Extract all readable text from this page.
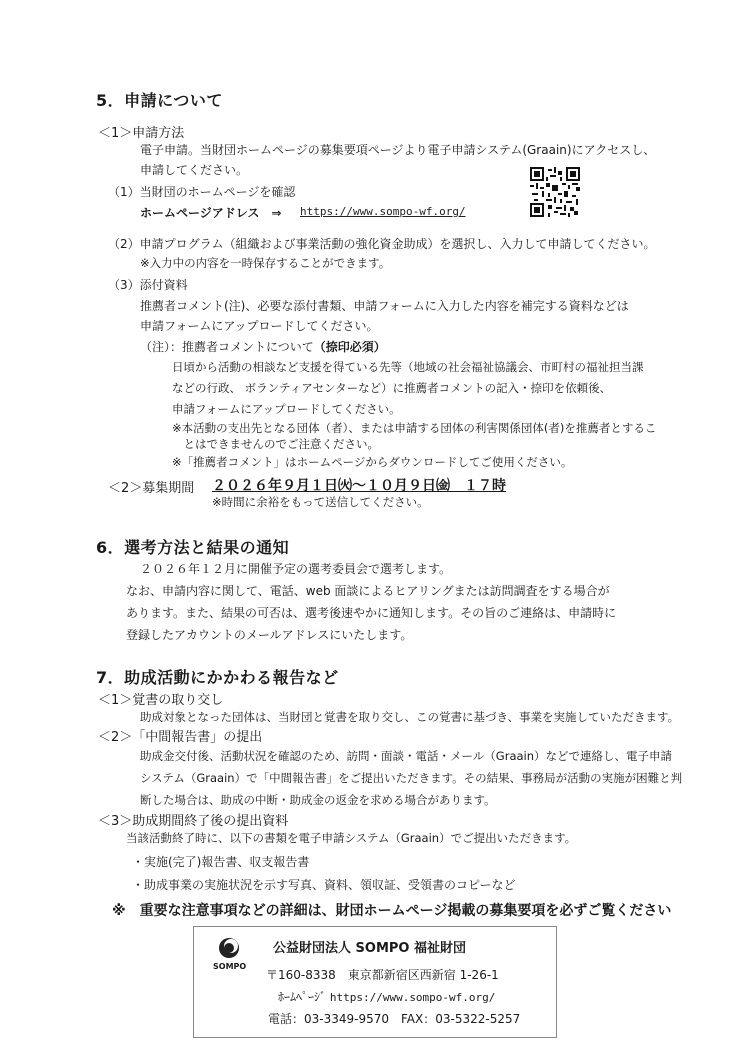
5．申請について
＜1＞申請方法
電子申請。当財団ホームページの募集要項ページより電子申請システム(Graain)にアクセスし、
申請してください。
（1）当財団のホームページを確認
ホームページアドレス　⇒ https://www.sompo-wf.org/
（2）申請プログラム（組織および事業活動の強化資金助成）を選択し、入力して申請してください。
※入力中の内容を一時保存することができます。
（3）添付資料
推薦者コメント(注)、必要な添付書類、申請フォームに入力した内容を補完する資料などは
申請フォームにアップロードしてください。
（注）：推薦者コメントについて（捺印必須）
日頃から活動の相談など支援を得ている先等（地域の社会福祉協議会、市町村の福祉担当課
などの行政、 ボランティアセンターなど）に推薦者コメントの記入・捺印を依頼後、
申請フォームにアップロードしてください。
※本活動の支出先となる団体（者）、または申請する団体の利害関係団体(者)を推薦者とするこ
　とはできませんのでご注意ください。
※「推薦者コメント」はホームページからダウンロードしてご使用ください。
＜2＞募集期間 ２０２６年９月１日㈫～１０月９日㈮　１７時
※時間に余裕をもって送信してください。
6．選考方法と結果の通知
２０２６年１２月に開催予定の選考委員会で選考します。
なお、申請内容に関して、電話、web 面談によるヒアリングまたは訪問調査をする場合が
あります。また、結果の可否は、選考後速やかに通知します。その旨のご連絡は、申請時に
登録したアカウントのメールアドレスにいたします。
7．助成活動にかかわる報告など
＜1＞覚書の取り交し
助成対象となった団体は、当財団と覚書を取り交し、この覚書に基づき、事業を実施していただきます。
＜2＞「中間報告書」の提出
助成金交付後、活動状況を確認のため、訪問・面談・電話・メール（Graain）などで連絡し、電子申請
システム（Graain）で「中間報告書」をご提出いただきます。その結果、事務局が活動の実施が困難と判
断した場合は、助成の中断・助成金の返金を求める場合があります。
＜3＞助成期間終了後の提出資料
当該活動終了時に、以下の書類を電子申請システム（Graain）でご提出いただきます。
・実施(完了)報告書、収支報告書
・助成事業の実施状況を示す写真、資料、領収証、受領書のコピーなど
※　重要な注意事項などの詳細は、財団ホームページ掲載の募集要項を必ずご覧ください
SOMPO
公益財団法人 SOMPO 福祉財団
〒160-8338　東京都新宿区西新宿 1-26-1
ﾎｰﾑﾍﾟｰｼﾞ https://www.sompo-wf.org/
電話：03-3349-9570　FAX：03-5322-5257
